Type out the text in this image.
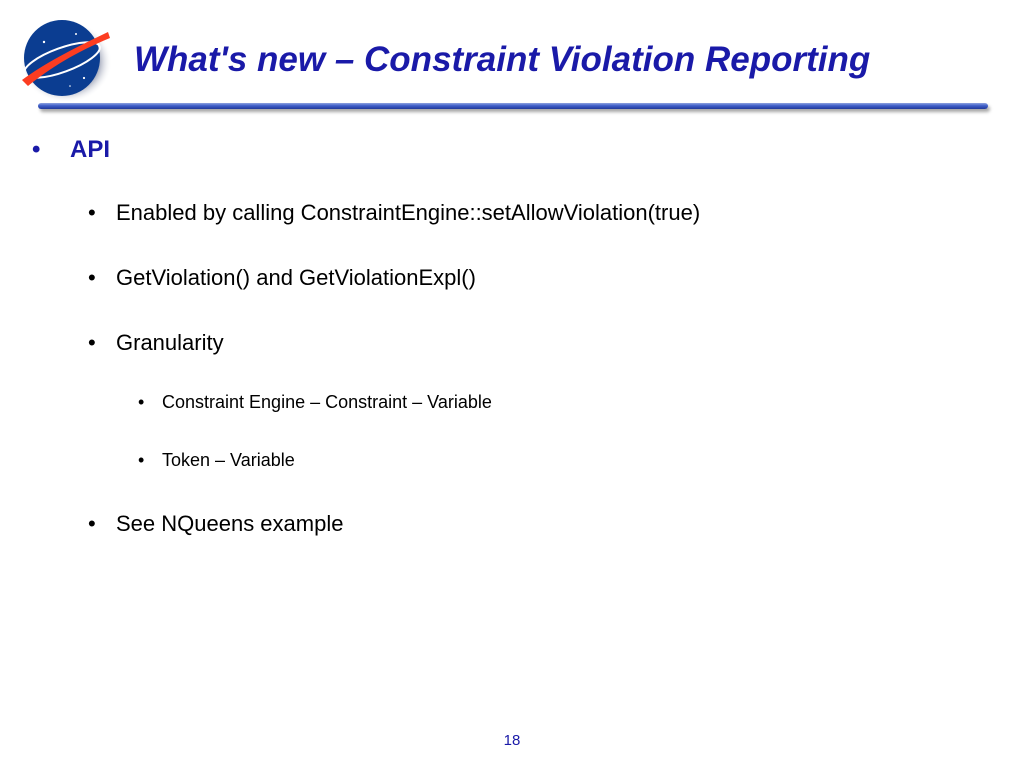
What's new – Constraint Violation Reporting
•	API
• Enabled by calling ConstraintEngine::setAllowViolation(true)
• GetViolation() and GetViolationExpl()
• Granularity
• Constraint Engine – Constraint – Variable
• Token – Variable
• See NQueens example
18
